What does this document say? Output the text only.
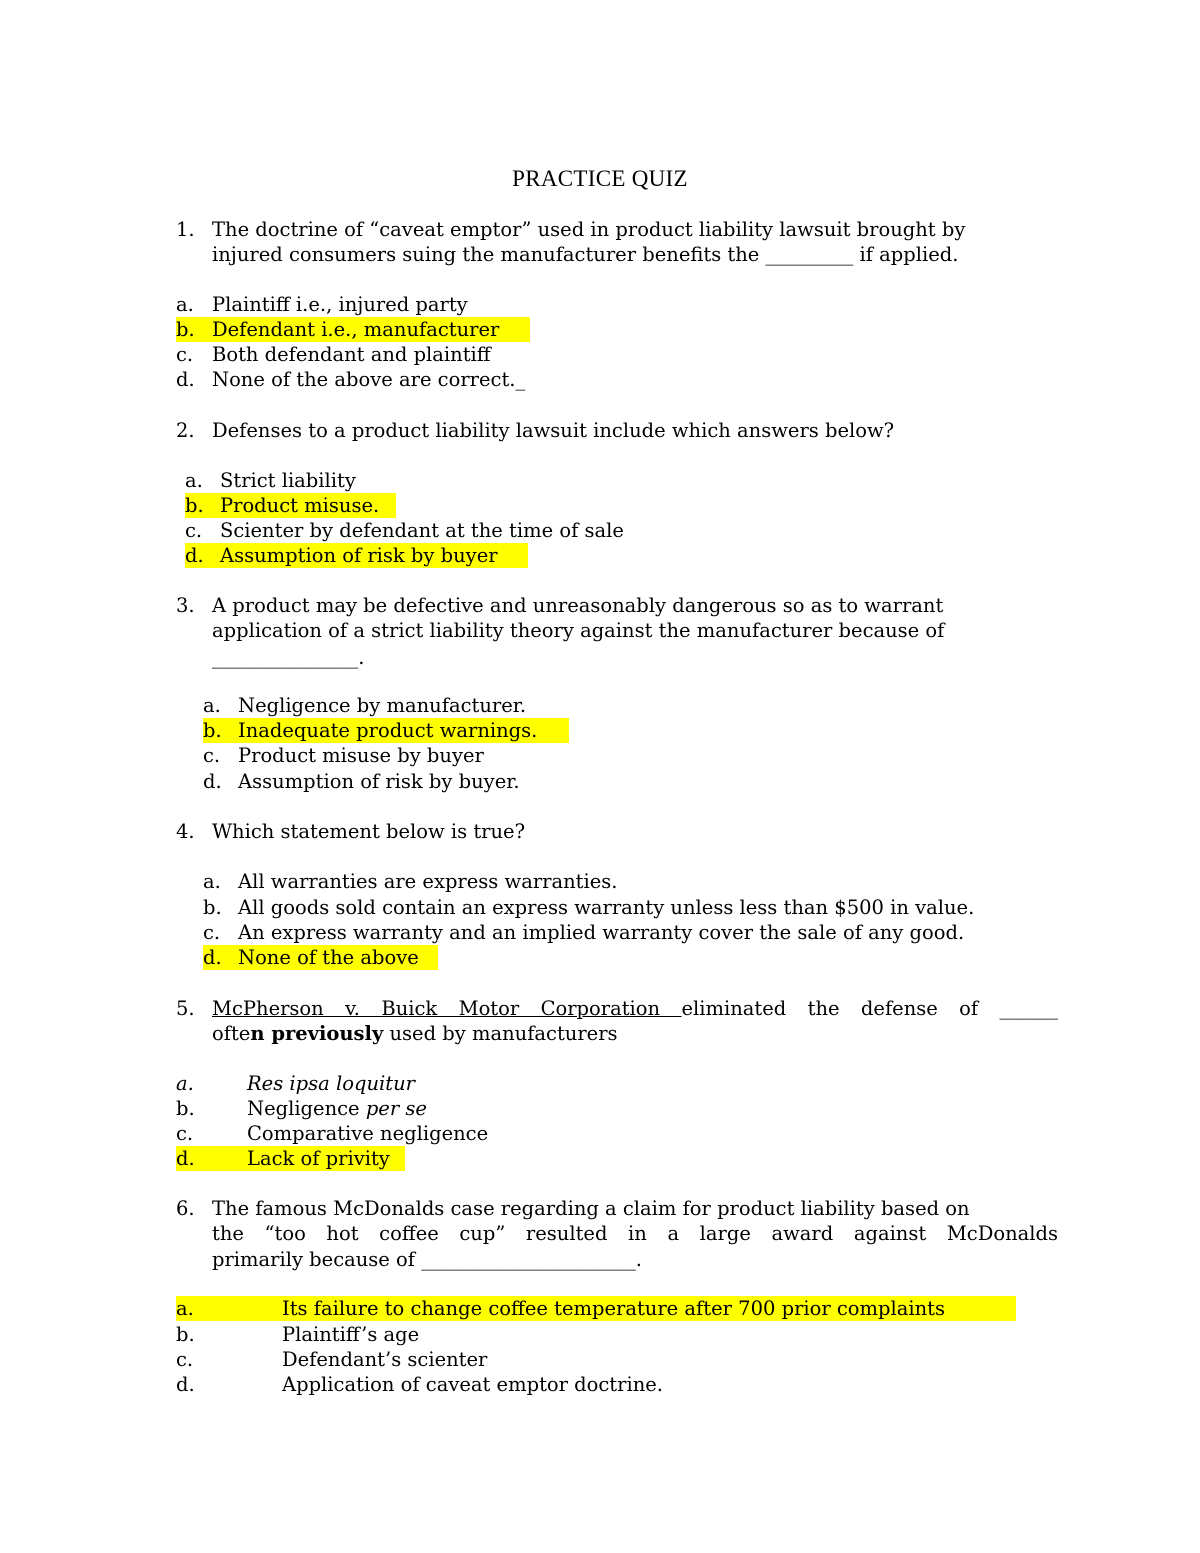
PRACTICE QUIZ
1. The doctrine of “caveat emptor” used in product liability lawsuit brought by
injured consumers suing the manufacturer benefits the _________ if applied.
a. Plaintiff i.e., injured party
b. Defendant i.e., manufacturer

c. Both defendant and plaintiff
d. None of the above are correct._
2. Defenses to a product liability lawsuit include which answers below?
a. Strict liability
b. Product misuse.

c. Scienter by defendant at the time of sale
d. Assumption of risk by buyer

3. A product may be defective and unreasonably dangerous so as to warrant
application of a strict liability theory against the manufacturer because of
_______________.
a. Negligence by manufacturer.
b. Inadequate product warnings.

c. Product misuse by buyer
d. Assumption of risk by buyer.
4. Which statement below is true?
a. All warranties are express warranties.
b. All goods sold contain an express warranty unless less than $500 in value.
c. An express warranty and an implied warranty cover the sale of any good.
d. None of the above

5. McPherson v. Buick Motor Corporation eliminated the defense of ______
often previously used by manufacturers
a.	Res ipsa loquitur
b.	Negligence per se
c.	Comparative negligence
d.	Lack of privity

6. The famous McDonalds case regarding a claim for product liability based on
the “too hot coffee cup” resulted in a large award against McDonalds
primarily because of ______________________.
a.	Its failure to change coffee temperature after 700 prior complaints

b.	Plaintiff’s age
c.	Defendant’s scienter
d.	Application of caveat emptor doctrine.
